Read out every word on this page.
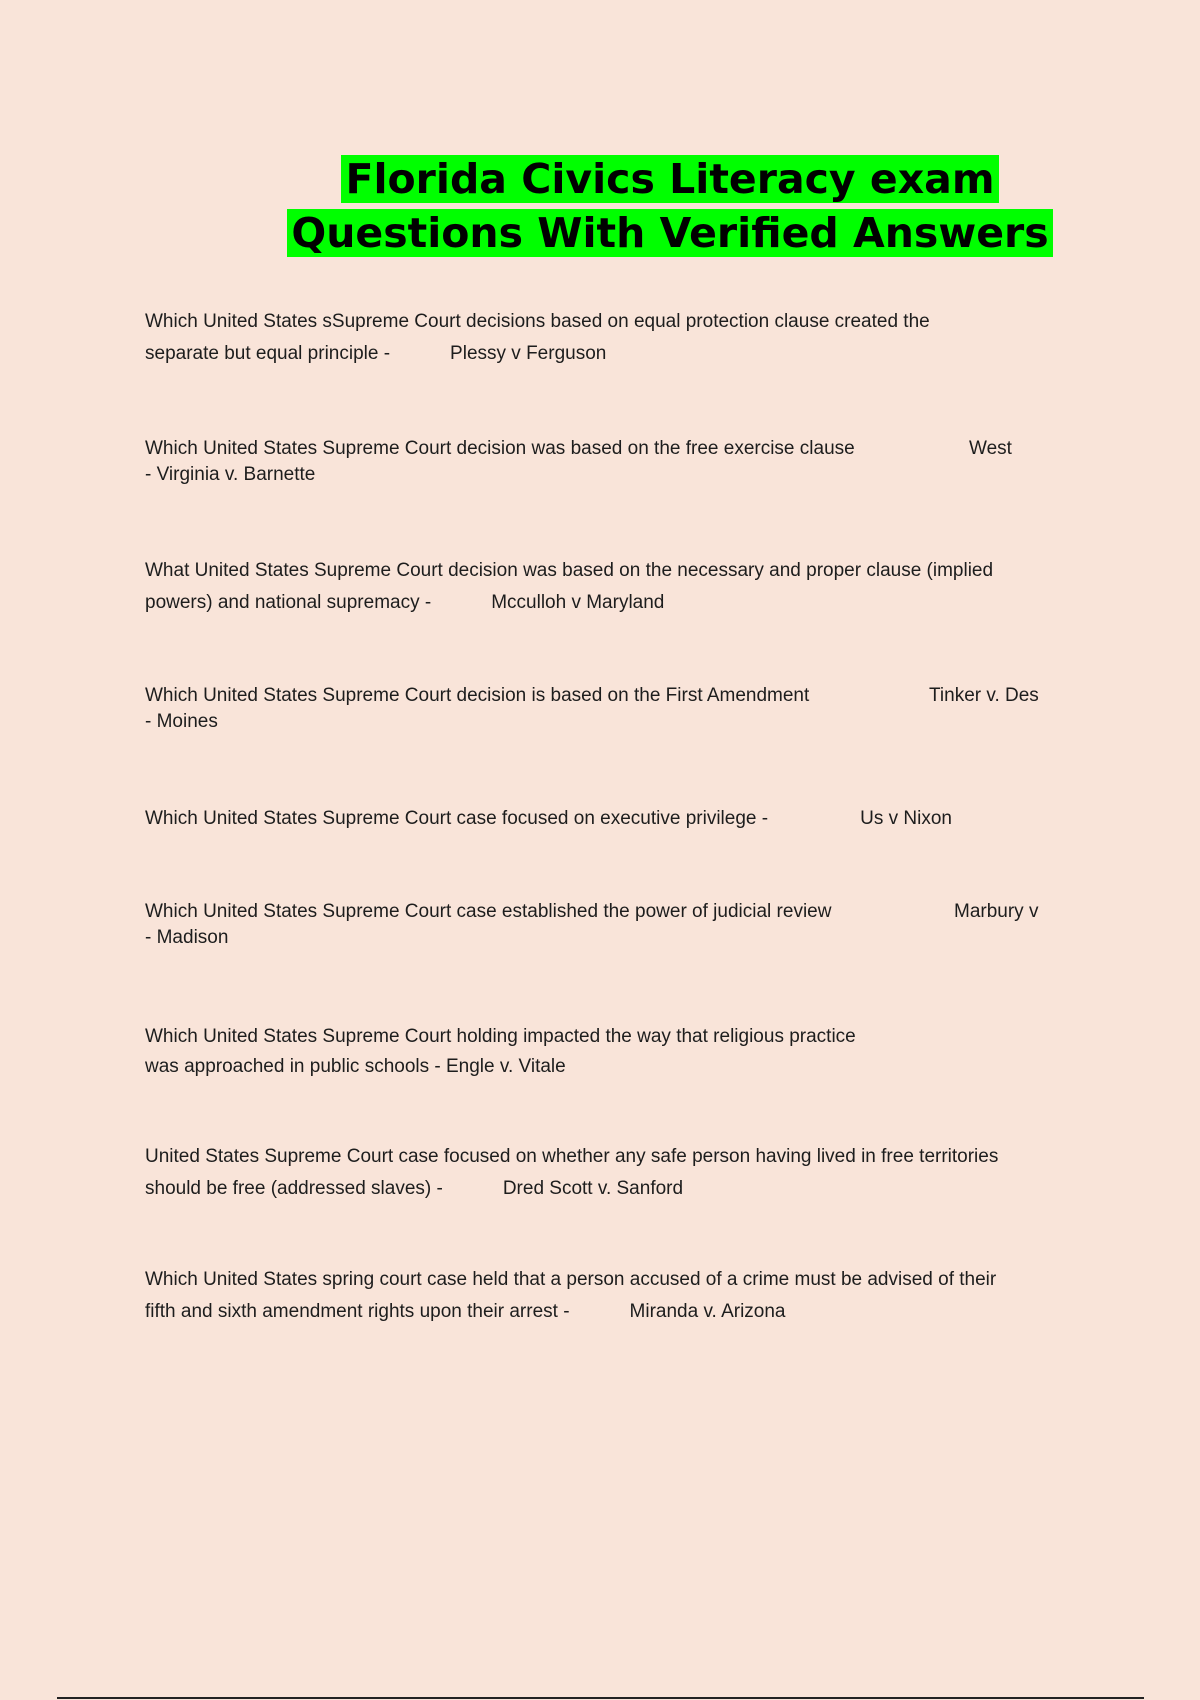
Florida Civics Literacy exam
Questions With Verified Answers
Which United States sSupreme Court decisions based on equal protection clause created the
separate but equal principle -	Plessy v Ferguson
Which United States Supreme Court decision was based on the free exercise clause
- Virginia v. Barnette
West
What United States Supreme Court decision was based on the necessary and proper clause (implied
powers) and national supremacy -	Mcculloh v Maryland
Which United States Supreme Court decision is based on the First Amendment
- Moines
Tinker v. Des
Which United States Supreme Court case focused on executive privilege -	Us v Nixon
Which United States Supreme Court case established the power of judicial review
- Madison
Marbury v
Which United States Supreme Court holding impacted the way that religious practice
was approached in public schools - Engle v. Vitale
United States Supreme Court case focused on whether any safe person having lived in free territories
should be free (addressed slaves) -	Dred Scott v. Sanford
Which United States spring court case held that a person accused of a crime must be advised of their
fifth and sixth amendment rights upon their arrest -	Miranda v. Arizona
